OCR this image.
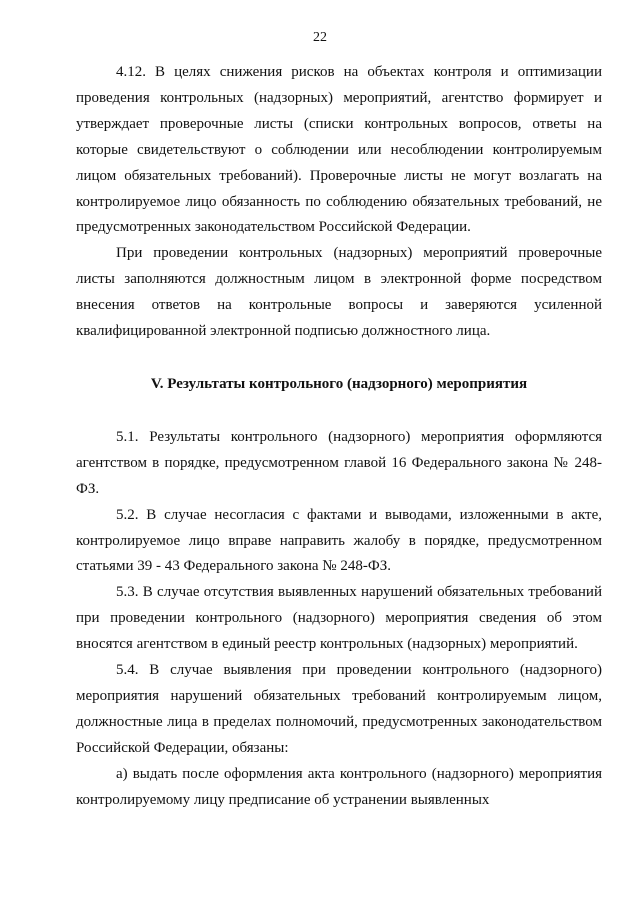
22

4.12. В целях снижения рисков на объектах контроля и оптимизации проведения контрольных (надзорных) мероприятий, агентство формирует и утверждает проверочные листы (списки контрольных вопросов, ответы на которые свидетельствуют о соблюдении или несоблюдении контролируемым лицом обязательных требований). Проверочные листы не могут возлагать на контролируемое лицо обязанность по соблюдению обязательных требований, не предусмотренных законодательством Российской Федерации.

При проведении контрольных (надзорных) мероприятий проверочные листы заполняются должностным лицом в электронной форме посредством внесения ответов на контрольные вопросы и заверяются усиленной квалифицированной электронной подписью должностного лица.

V. Результаты контрольного (надзорного) мероприятия

5.1. Результаты контрольного (надзорного) мероприятия оформляются агентством в порядке, предусмотренном главой 16 Федерального закона № 248-ФЗ.

5.2. В случае несогласия с фактами и выводами, изложенными в акте, контролируемое лицо вправе направить жалобу в порядке, предусмотренном статьями 39 - 43 Федерального закона № 248-ФЗ.

5.3. В случае отсутствия выявленных нарушений обязательных требований при проведении контрольного (надзорного) мероприятия сведения об этом вносятся агентством в единый реестр контрольных (надзорных) мероприятий.

5.4. В случае выявления при проведении контрольного (надзорного) мероприятия нарушений обязательных требований контролируемым лицом, должностные лица в пределах полномочий, предусмотренных законодательством Российской Федерации, обязаны:

а) выдать после оформления акта контрольного (надзорного) мероприятия контролируемому лицу предписание об устранении выявленных
